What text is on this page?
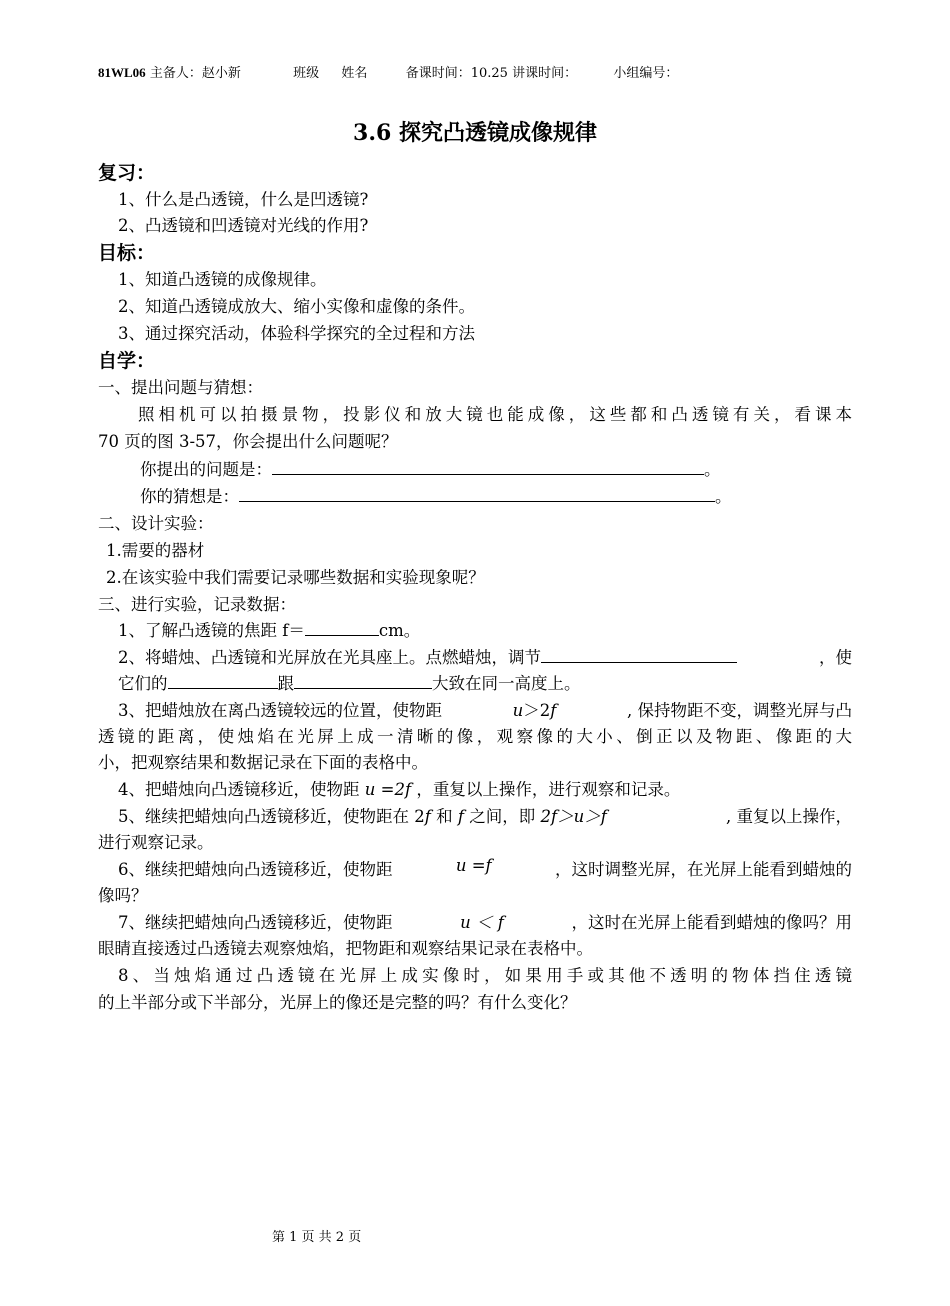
81WL06 主备人：赵小新	班级 姓名	备课时间：10.25 讲课时间：	小组编号：
3.6 探究凸透镜成像规律
复习：
1、什么是凸透镜，什么是凹透镜?
2、凸透镜和凹透镜对光线的作用?
目标：
1、知道凸透镜的成像规律。
2、知道凸透镜成放大、缩小实像和虚像的条件。
3、通过探究活动，体验科学探究的全过程和方法
自学：
一、提出问题与猜想：
照相机可以拍摄景物，投影仪和放大镜也能成像，这些都和凸透镜有关，看课本
70 页的图 3-57，你会提出什么问题呢？
你提出的问题是：	。
你的猜想是：	。
二、设计实验：
1.需要的器材
2.在该实验中我们需要记录哪些数据和实验现象呢？
三、进行实验，记录数据：
1、了解凸透镜的焦距 f＝	cm。
2、将蜡烛、凸透镜和光屏放在光具座上。点燃蜡烛，调节	，使
它们的	跟	大致在同一高度上。
3、把蜡烛放在离凸透镜较远的位置，使物距	u＞2f	, 保持物距不变，调整光屏与凸
透镜的距离，使烛焰在光屏上成一清晰的像，观察像的大小、倒正以及物距、像距的大
小，把观察结果和数据记录在下面的表格中。
4、把蜡烛向凸透镜移近，使物距 u =2f ，重复以上操作，进行观察和记录。
5、继续把蜡烛向凸透镜移近，使物距在 2f 和 f 之间，即 2f＞u＞f	, 重复以上操作，
进行观察记录。
6、继续把蜡烛向凸透镜移近，使物距	u =f	，这时调整光屏，在光屏上能看到蜡烛的
像吗？
7、继续把蜡烛向凸透镜移近，使物距	u ＜ f	，这时在光屏上能看到蜡烛的像吗？用
眼睛直接透过凸透镜去观察烛焰，把物距和观察结果记录在表格中。
8、当烛焰通过凸透镜在光屏上成实像时，如果用手或其他不透明的物体挡住透镜
的上半部分或下半部分，光屏上的像还是完整的吗？有什么变化？
第 1 页 共 2 页
